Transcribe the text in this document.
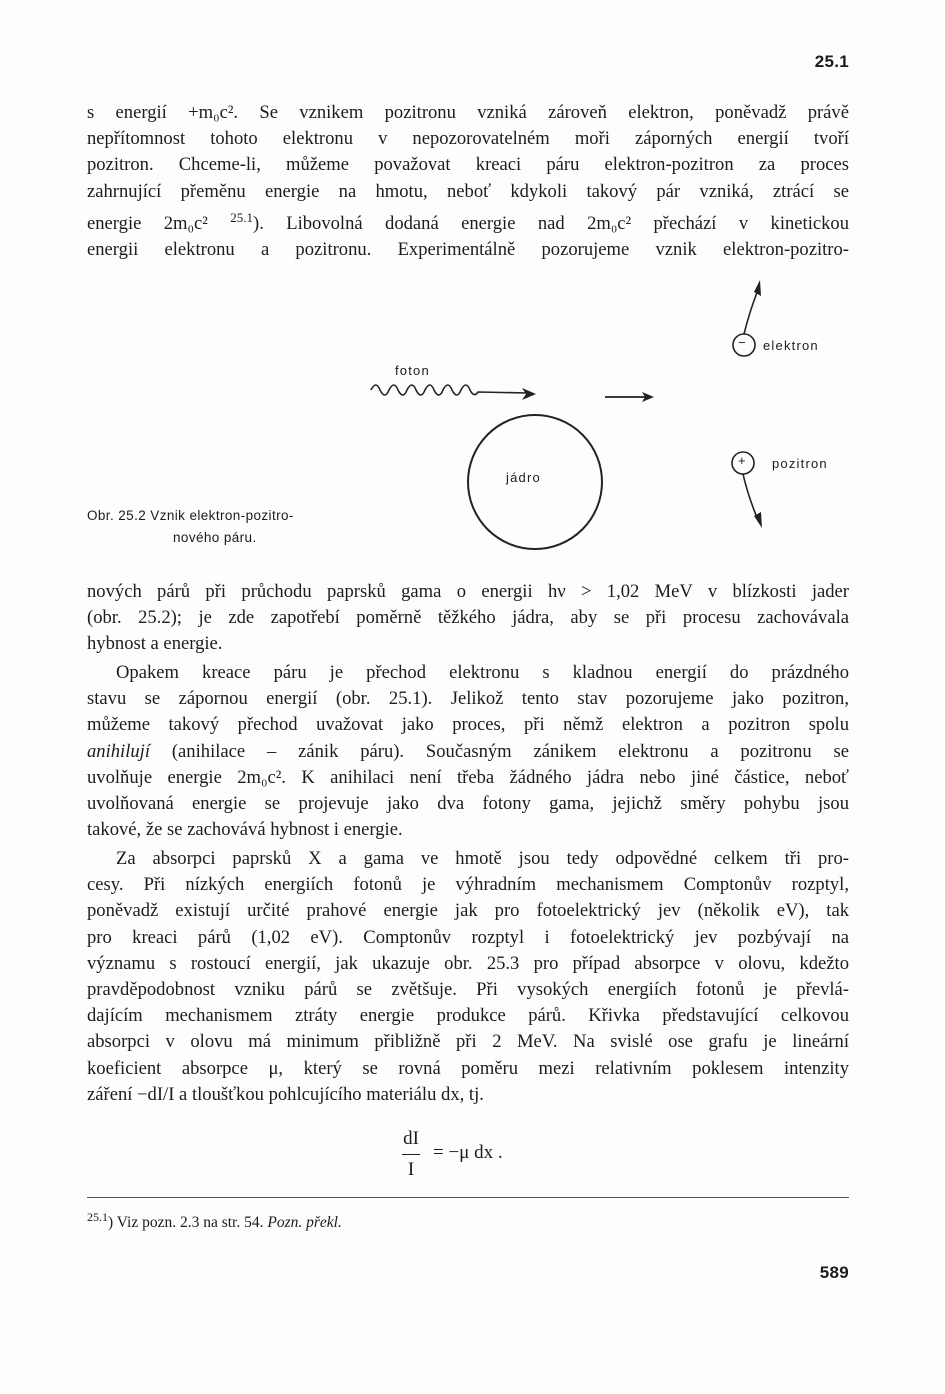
25.1

s energií +m₀c². Se vznikem pozitronu vzniká zároveň elektron, poněvadž právě
nepřítomnost tohoto elektronu v nepozorovatelném moři záporných energií tvoří
pozitron. Chceme-li, můžeme považovat kreaci páru elektron-pozitron za proces
zahrnující přeměnu energie na hmotu, neboť kdykoli takový pár vzniká, ztrácí se
energie 2m₀c² $^{25.1}$). Libovolná dodaná energie nad 2m₀c² přechází v kinetickou
energii elektronu a pozitronu. Experimentálně pozorujeme vznik elektron-pozitro-

foton
jádro
elektron
pozitron
−
+
Obr. 25.2 Vznik elektron-pozitro-
nového páru.

nových párů při průchodu paprsků gama o energii hν > 1,02 MeV v blízkosti jader
(obr. 25.2); je zde zapotřebí poměrně těžkého jádra, aby se při procesu zachovávala
hybnost a energie.

Opakem kreace páru je přechod elektronu s kladnou energií do prázdného
stavu se zápornou energií (obr. 25.1). Jelikož tento stav pozorujeme jako pozitron,
můžeme takový přechod uvažovat jako proces, při němž elektron a pozitron spolu
anihilují (anihilace – zánik páru). Současným zánikem elektronu a pozitronu se
uvolňuje energie 2m₀c². K anihilaci není třeba žádného jádra nebo jiné částice, neboť
uvolňovaná energie se projevuje jako dva fotony gama, jejichž směry pohybu jsou
takové, že se zachovává hybnost i energie.

Za absorpci paprsků X a gama ve hmotě jsou tedy odpovědné celkem tři pro-
cesy. Při nízkých energiích fotonů je výhradním mechanismem Comptonův rozptyl,
poněvadž existují určité prahové energie jak pro fotoelektrický jev (několik eV), tak
pro kreaci párů (1,02 eV). Comptonův rozptyl i fotoelektrický jev pozbývají na
významu s rostoucí energií, jak ukazuje obr. 25.3 pro případ absorpce v olovu, kdežto
pravděpodobnost vzniku párů se zvětšuje. Při vysokých energiích fotonů je převlá-
dajícím mechanismem ztráty energie produkce párů. Křivka představující celkovou
absorpci v olovu má minimum přibližně při 2 MeV. Na svislé ose grafu je lineární
koeficient absorpce μ, který se rovná poměru mezi relativním poklesem intenzity
záření −dI/I a tloušťkou pohlcujícího materiálu dx, tj.

dI
I
= −μ dx .
$^{25.1}$) Viz pozn. 2.3 na str. 54. Pozn. překl.
589
